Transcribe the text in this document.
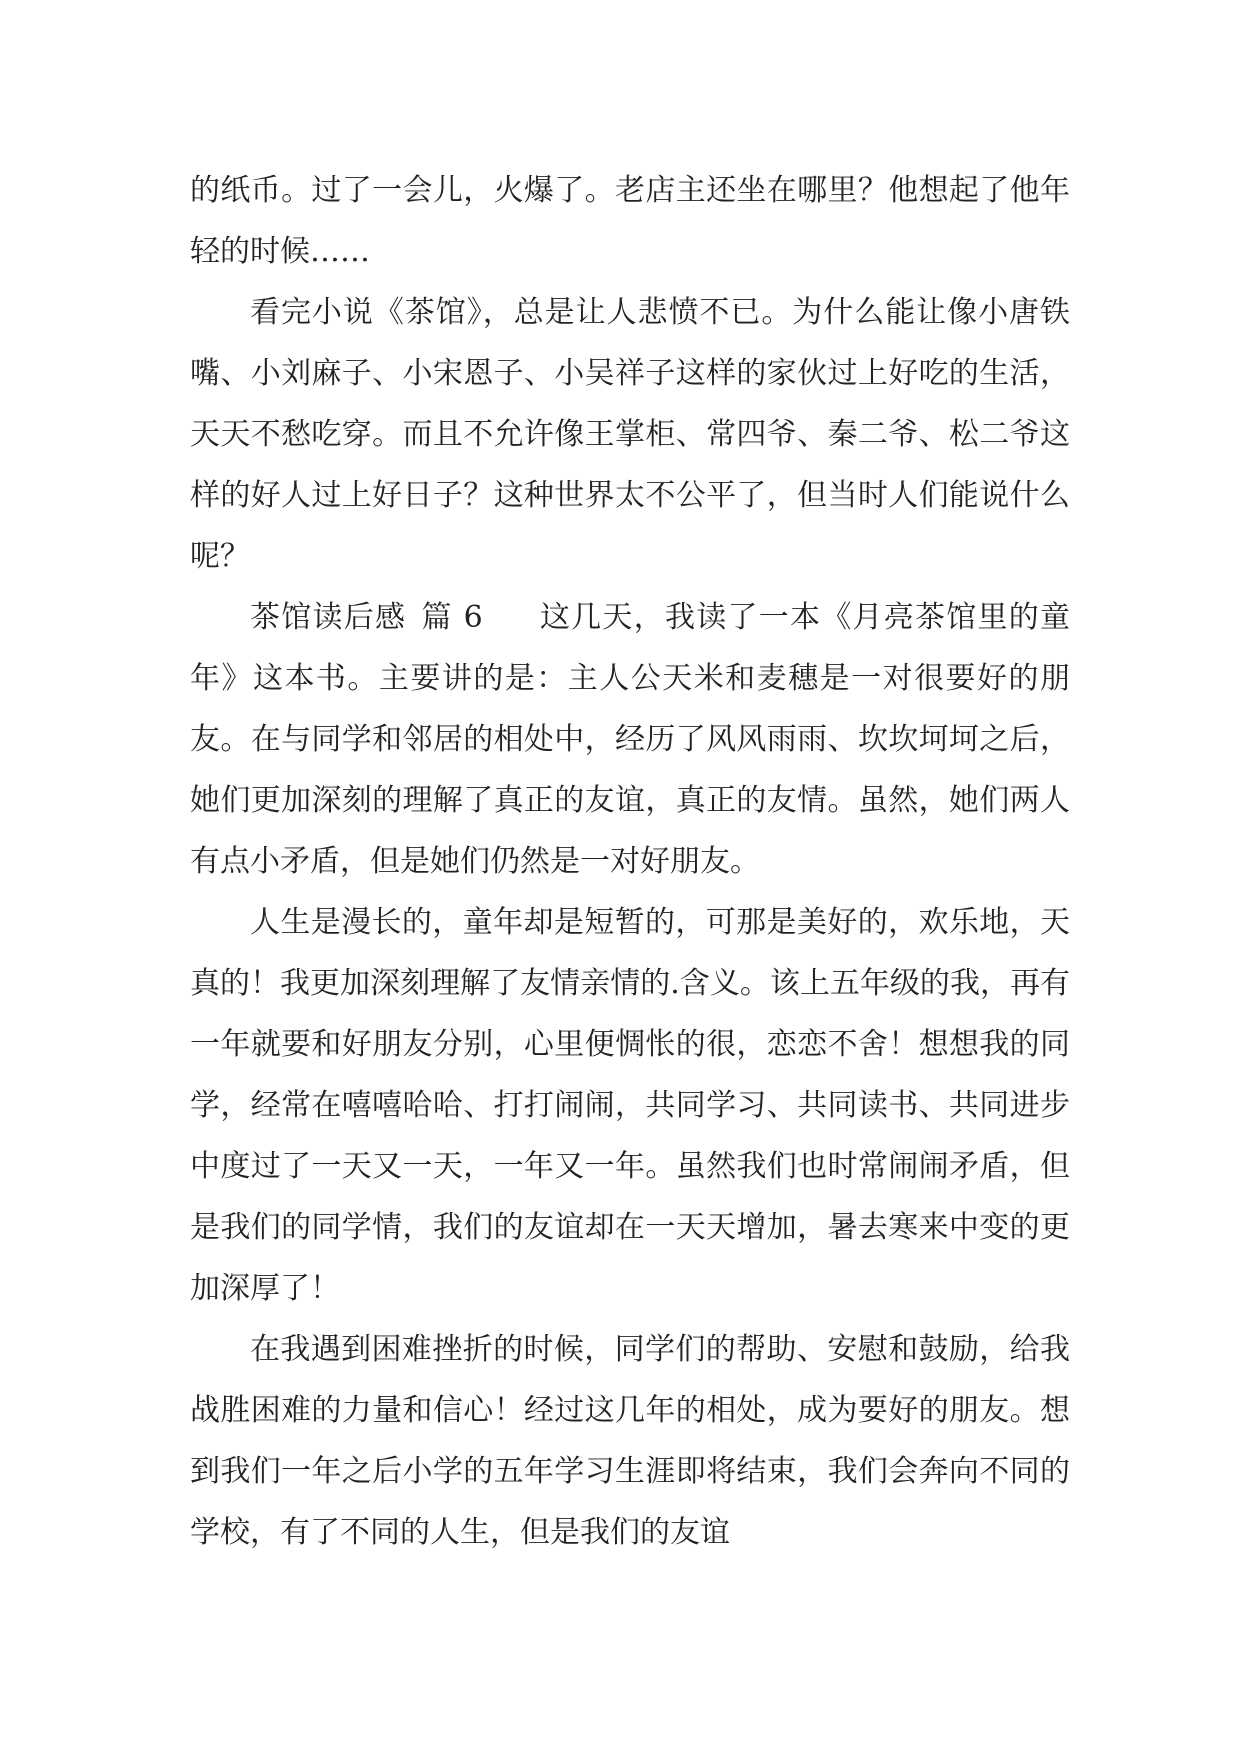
的纸币。过了一会儿，火爆了。老店主还坐在哪里？他想起了他年轻的时候……

看完小说《茶馆》，总是让人悲愤不已。为什么能让像小唐铁嘴、小刘麻子、小宋恩子、小吴祥子这样的家伙过上好吃的生活，天天不愁吃穿。而且不允许像王掌柜、常四爷、秦二爷、松二爷这样的好人过上好日子？这种世界太不公平了，但当时人们能说什么呢？

茶馆读后感 篇 6 这几天，我读了一本《月亮茶馆里的童年》这本书。主要讲的是：主人公天米和麦穗是一对很要好的朋友。在与同学和邻居的相处中，经历了风风雨雨、坎坎坷坷之后，她们更加深刻的理解了真正的友谊，真正的友情。虽然，她们两人有点小矛盾，但是她们仍然是一对好朋友。

人生是漫长的，童年却是短暂的，可那是美好的，欢乐地，天真的！我更加深刻理解了友情亲情的.含义。该上五年级的我，再有一年就要和好朋友分别，心里便惆怅的很，恋恋不舍！想想我的同学，经常在嘻嘻哈哈、打打闹闹，共同学习、共同读书、共同进步中度过了一天又一天，一年又一年。虽然我们也时常闹闹矛盾，但是我们的同学情，我们的友谊却在一天天增加，暑去寒来中变的更加深厚了！

在我遇到困难挫折的时候，同学们的帮助、安慰和鼓励，给我战胜困难的力量和信心！经过这几年的相处，成为要好的朋友。想到我们一年之后小学的五年学习生涯即将结束，我们会奔向不同的学校，有了不同的人生，但是我们的友谊
